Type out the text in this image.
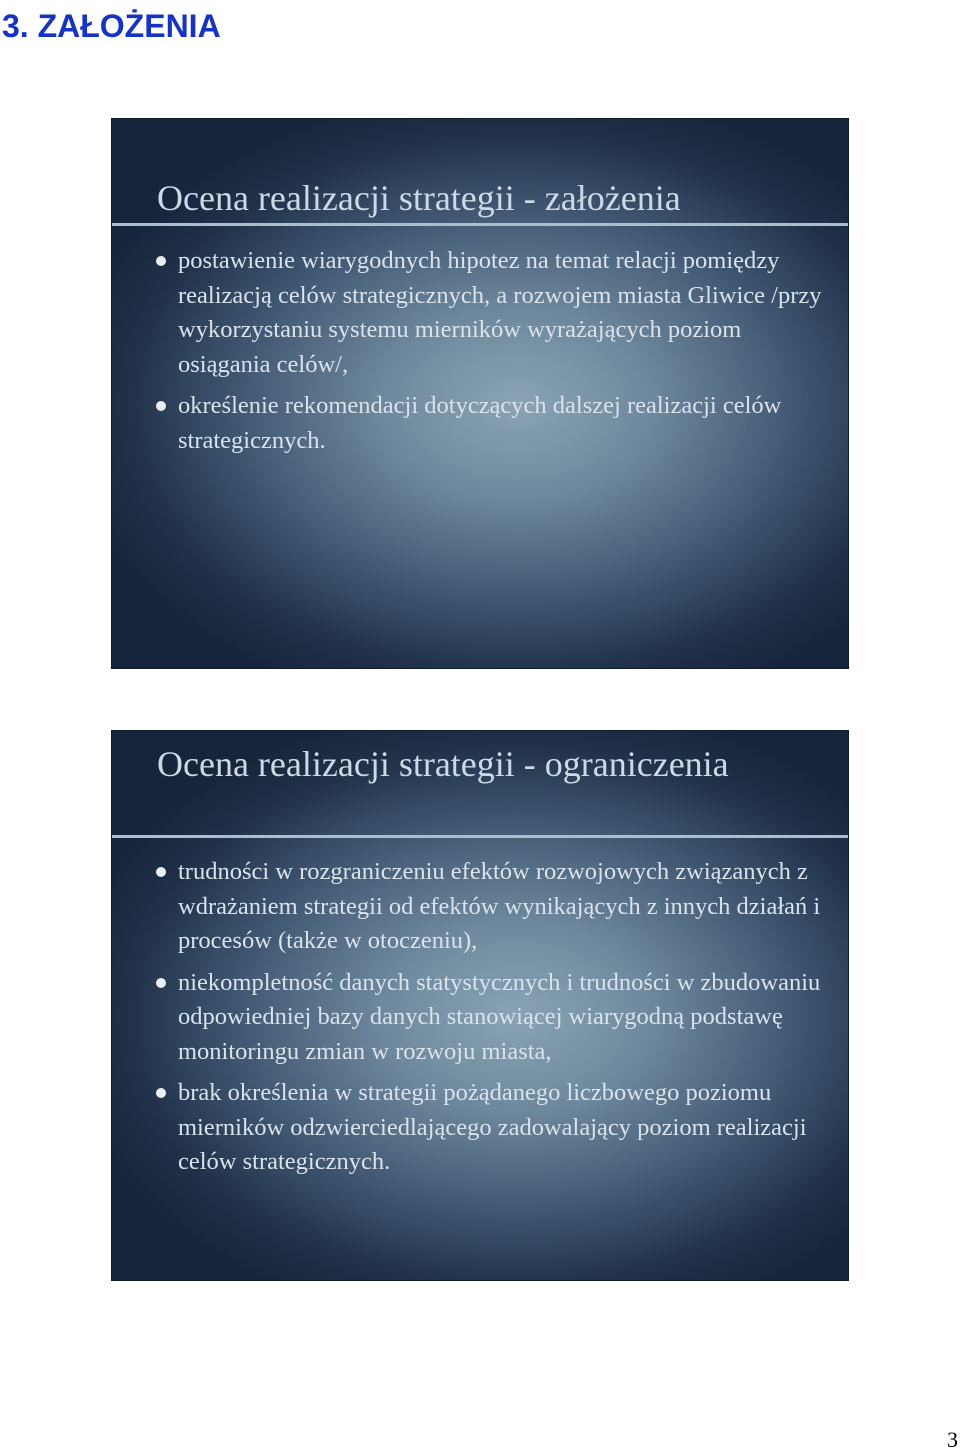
3. ZAŁOŻENIA
Ocena realizacji strategii - założenia
postawienie wiarygodnych hipotez na temat relacji pomiędzy realizacją celów strategicznych, a rozwojem miasta Gliwice /przy wykorzystaniu systemu mierników wyrażających poziom osiągania celów/,
określenie rekomendacji dotyczących dalszej realizacji celów strategicznych.
Ocena realizacji strategii - ograniczenia
trudności w rozgraniczeniu efektów rozwojowych związanych z wdrażaniem strategii od efektów wynikających z innych działań i procesów (także w otoczeniu),
niekompletność danych statystycznych i trudności w zbudowaniu odpowiedniej bazy danych stanowiącej wiarygodną podstawę monitoringu zmian w rozwoju miasta,
brak określenia w strategii pożądanego liczbowego poziomu mierników odzwierciedlającego zadowalający poziom realizacji celów strategicznych.

3
